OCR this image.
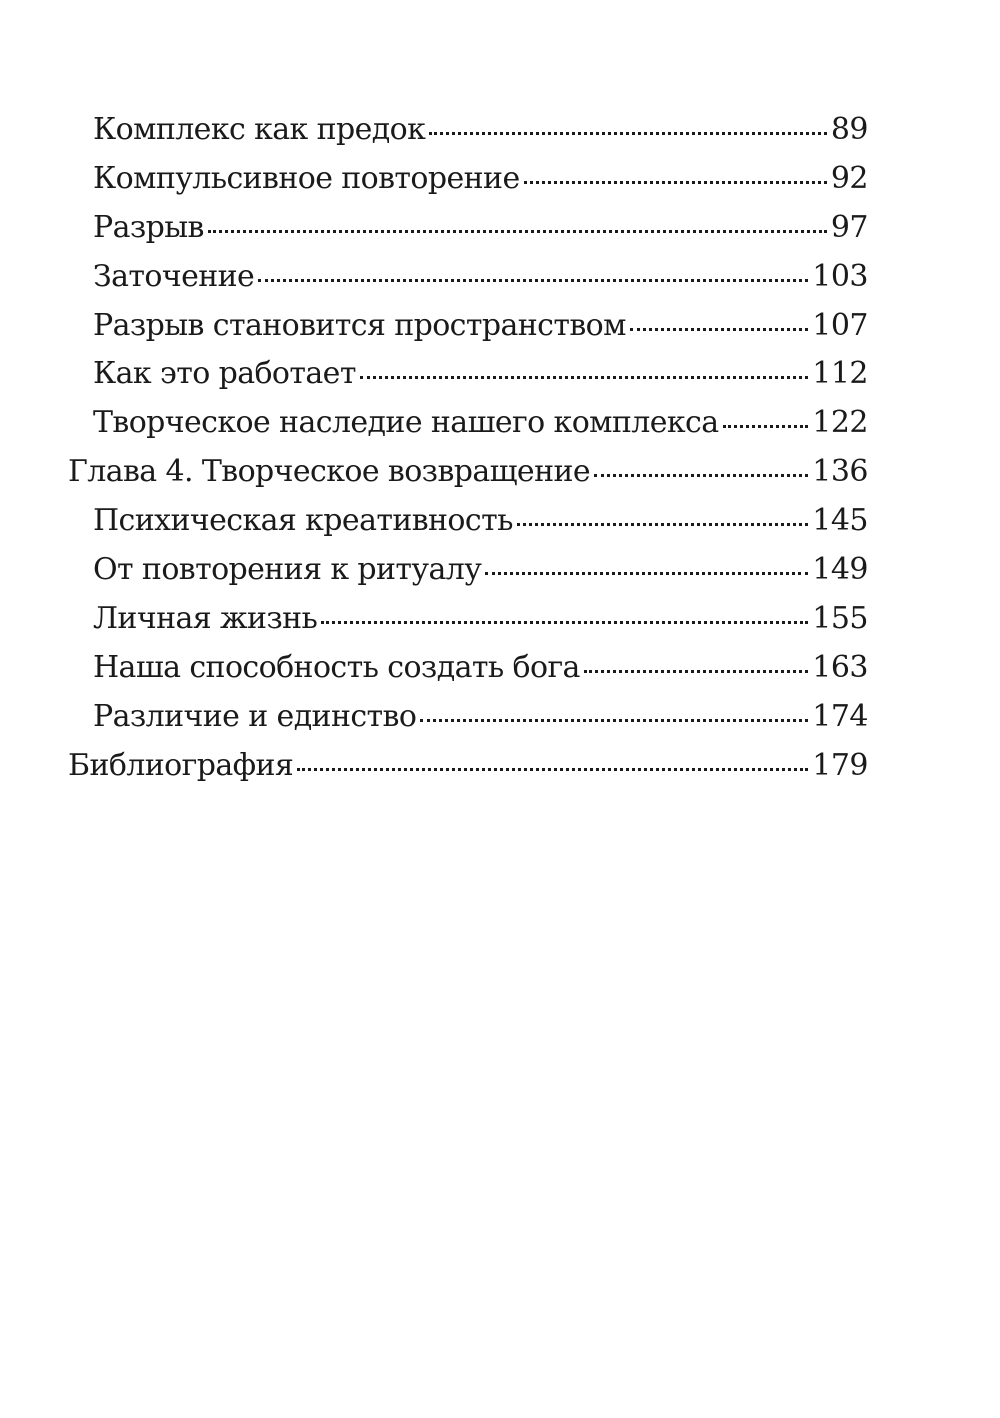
Комплекс как предок	89
Компульсивное повторение	92
Разрыв	97
Заточение	103
Разрыв становится пространством	107
Как это работает	112
Творческое наследие нашего комплекса	122
Глава 4. Творческое возвращение	136
Психическая креативность	145
От повторения к ритуалу	149
Личная жизнь	155
Наша способность создать бога	163
Различие и единство	174
Библиография	179
